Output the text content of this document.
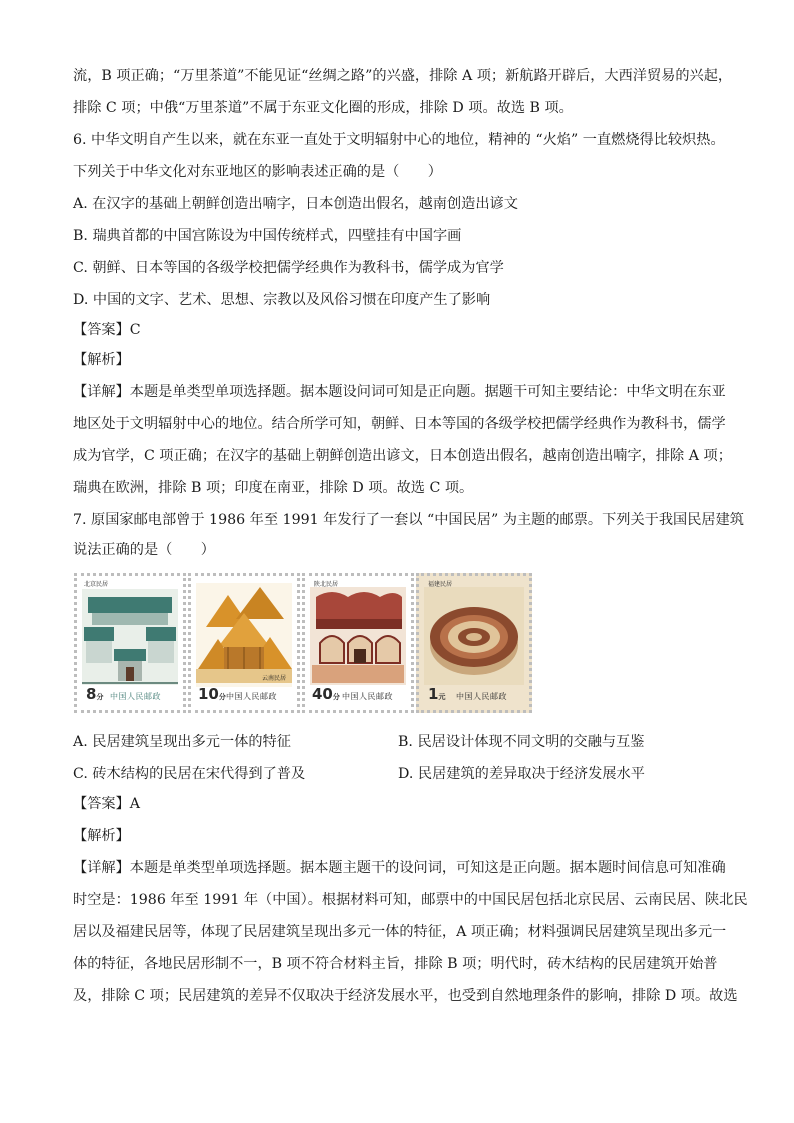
流，B 项正确；“万里茶道”不能见证“丝绸之路”的兴盛，排除 A 项；新航路开辟后，大西洋贸易的兴起，
排除 C 项；中俄“万里茶道”不属于东亚文化圈的形成，排除 D 项。故选 B 项。
6. 中华文明自产生以来，就在东亚一直处于文明辐射中心的地位，精神的 “火焰” 一直燃烧得比较炽热。
下列关于中华文化对东亚地区的影响表述正确的是（　　）
A. 在汉字的基础上朝鲜创造出喃字，日本创造出假名，越南创造出谚文
B. 瑞典首都的中国宫陈设为中国传统样式，四壁挂有中国字画
C. 朝鲜、日本等国的各级学校把儒学经典作为教科书，儒学成为官学
D. 中国的文字、艺术、思想、宗教以及风俗习惯在印度产生了影响
【答案】C
【解析】
【详解】本题是单类型单项选择题。据本题设问词可知是正向题。据题干可知主要结论：中华文明在东亚
地区处于文明辐射中心的地位。结合所学可知，朝鲜、日本等国的各级学校把儒学经典作为教科书，儒学
成为官学，C 项正确；在汉字的基础上朝鲜创造出谚文，日本创造出假名，越南创造出喃字，排除 A 项；
瑞典在欧洲，排除 B 项；印度在南亚，排除 D 项。故选 C 项。
7. 原国家邮电部曾于 1986 年至 1991 年发行了一套以 “中国民居” 为主题的邮票。下列关于我国民居建筑
说法正确的是（　　）
北京民居
8分 中国人民邮政
云南民居
10分 中国人民邮政
陕北民居
40分 中国人民邮政
福建民居
1元 中国人民邮政
A. 民居建筑呈现出多元一体的特征	B. 民居设计体现不同文明的交融与互鉴
C. 砖木结构的民居在宋代得到了普及	D. 民居建筑的差异取决于经济发展水平
【答案】A
【解析】
【详解】本题是单类型单项选择题。据本题主题干的设问词，可知这是正向题。据本题时间信息可知准确
时空是：1986 年至 1991 年（中国）。根据材料可知，邮票中的中国民居包括北京民居、云南民居、陕北民
居以及福建民居等，体现了民居建筑呈现出多元一体的特征，A 项正确；材料强调民居建筑呈现出多元一
体的特征，各地民居形制不一，B 项不符合材料主旨，排除 B 项；明代时，砖木结构的民居建筑开始普
及，排除 C 项；民居建筑的差异不仅取决于经济发展水平，也受到自然地理条件的影响，排除 D 项。故选
